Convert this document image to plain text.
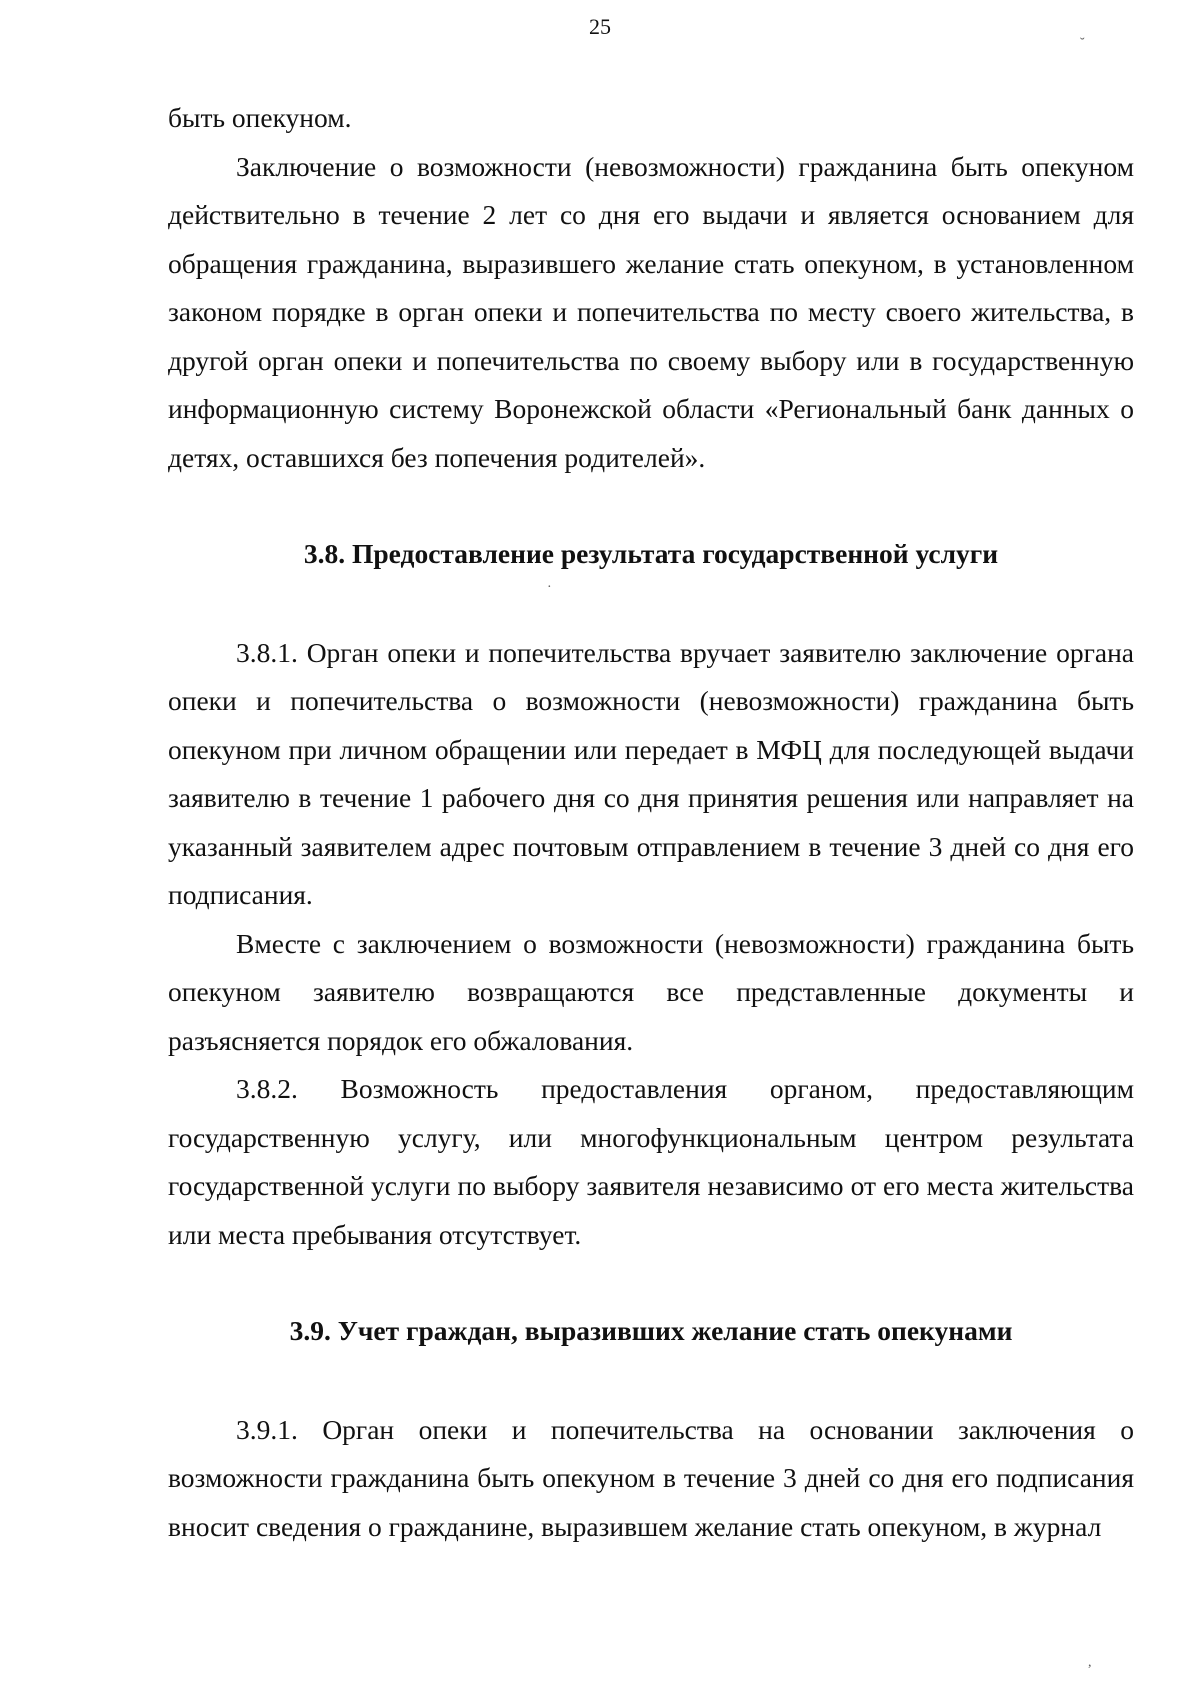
25

быть опекуном.

Заключение о возможности (невозможности) гражданина быть опекуном действительно в течение 2 лет со дня его выдачи и является основанием для обращения гражданина, выразившего желание стать опекуном, в установленном законом порядке в орган опеки и попечительства по месту своего жительства, в другой орган опеки и попечительства по своему выбору или в государственную информационную систему Воронежской области «Региональный банк данных о детях, оставшихся без попечения родителей».

3.8. Предоставление результата государственной услуги

3.8.1. Орган опеки и попечительства вручает заявителю заключение органа опеки и попечительства о возможности (невозможности) гражданина быть опекуном при личном обращении или передает в МФЦ для последующей выдачи заявителю в течение 1 рабочего дня со дня принятия решения или направляет на указанный заявителем адрес почтовым отправлением в течение 3 дней со дня его подписания.

Вместе с заключением о возможности (невозможности) гражданина быть опекуном заявителю возвращаются все представленные документы и разъясняется порядок его обжалования.

3.8.2. Возможность предоставления органом, предоставляющим государственную услугу, или многофункциональным центром результата государственной услуги по выбору заявителя независимо от его места жительства или места пребывания отсутствует.

3.9. Учет граждан, выразивших желание стать опекунами

3.9.1. Орган опеки и попечительства на основании заключения о возможности гражданина быть опекуном в течение 3 дней со дня его подписания вносит сведения о гражданине, выразившем желание стать опекуном, в журнал

˘
·
,
